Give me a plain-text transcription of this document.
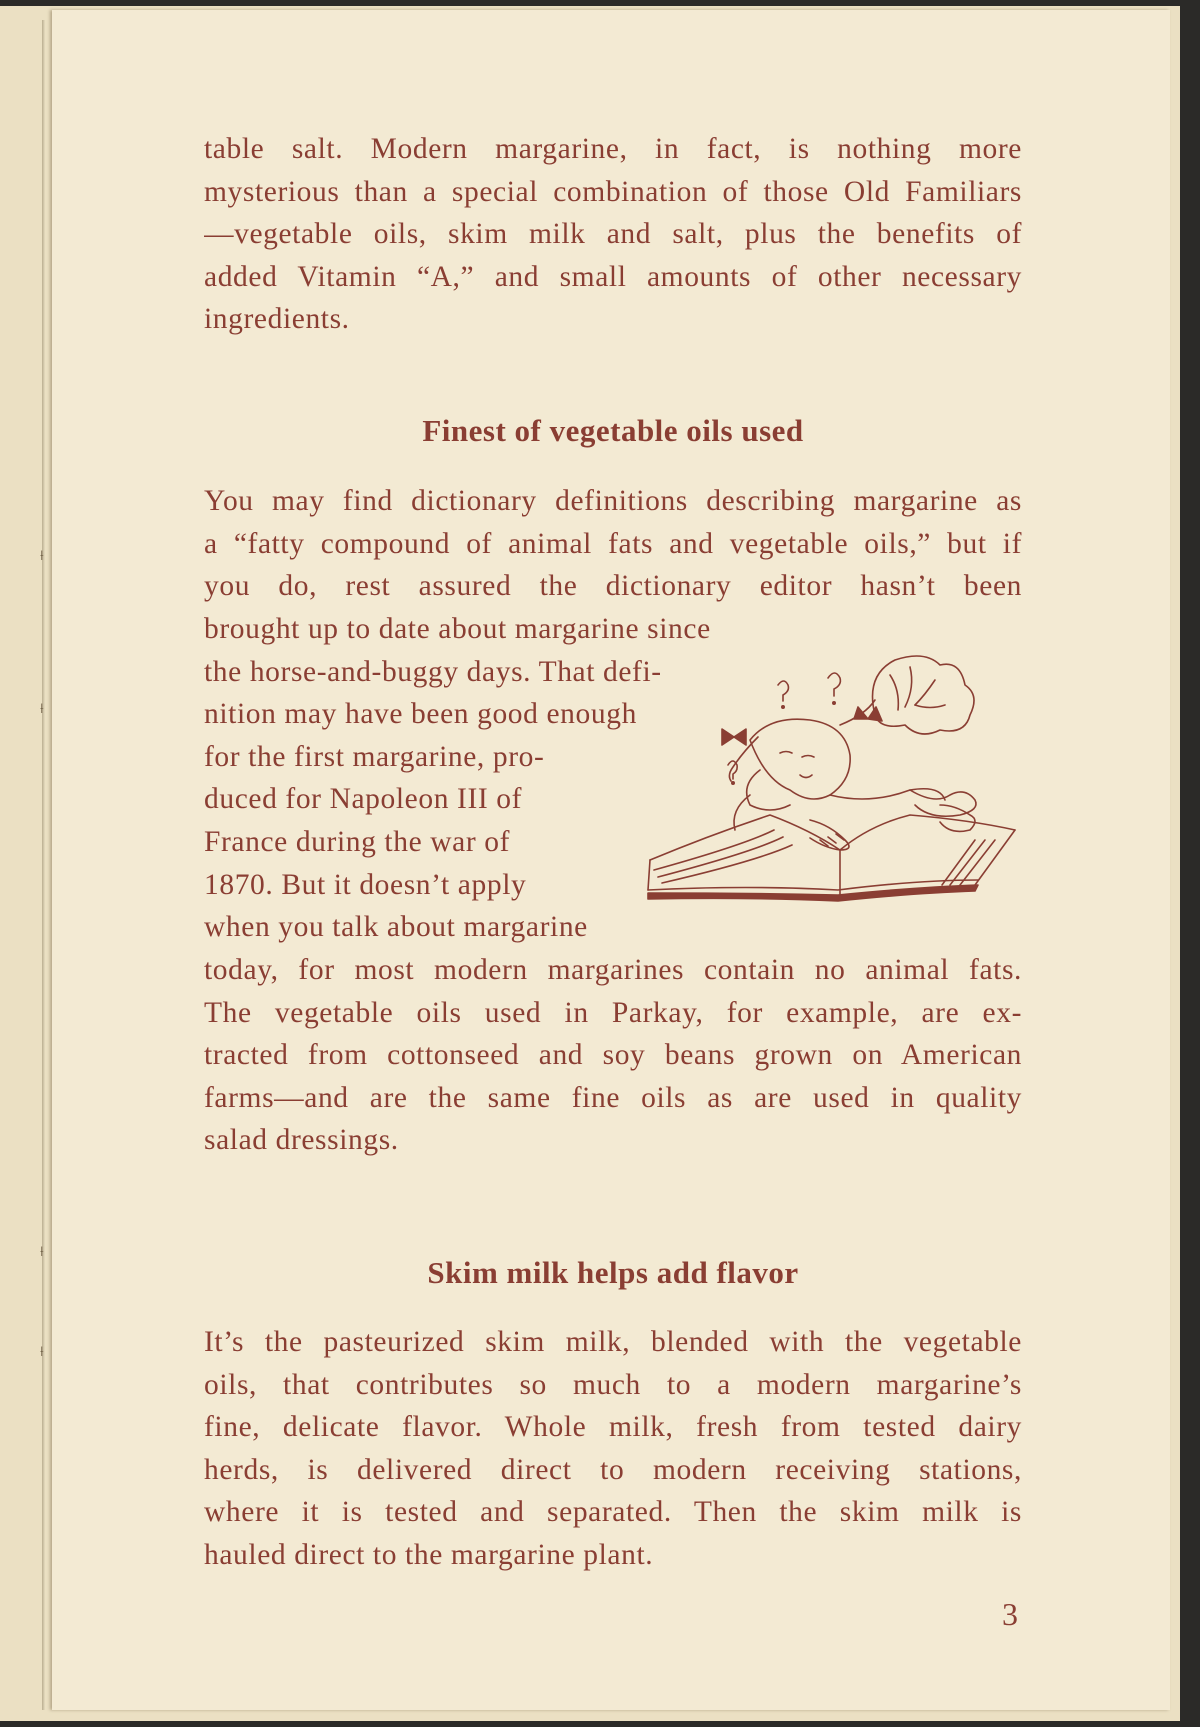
⟊
⟊
⟊
⟊
table salt. Modern margarine, in fact, is nothing more
mysterious than a special combination of those Old Familiars
—vegetable oils, skim milk and salt, plus the benefits of
added Vitamin “A,” and small amounts of other necessary
ingredients.
Finest of vegetable oils used
You may find dictionary definitions describing margarine as
a “fatty compound of animal fats and vegetable oils,” but if
you do, rest assured the dictionary editor hasn’t been
brought up to date about margarine since
the horse-and-buggy days. That defi-
nition may have been good enough
for the first margarine, pro-
duced for Napoleon III of
France during the war of
1870. But it doesn’t apply
when you talk about margarine
today, for most modern margarines contain no animal fats.
The vegetable oils used in Parkay, for example, are ex-
tracted from cottonseed and soy beans grown on American
farms—and are the same fine oils as are used in quality
salad dressings.
Skim milk helps add flavor
It’s the pasteurized skim milk, blended with the vegetable
oils, that contributes so much to a modern margarine’s
fine, delicate flavor. Whole milk, fresh from tested dairy
herds, is delivered direct to modern receiving stations,
where it is tested and separated. Then the skim milk is
hauled direct to the margarine plant.
3
